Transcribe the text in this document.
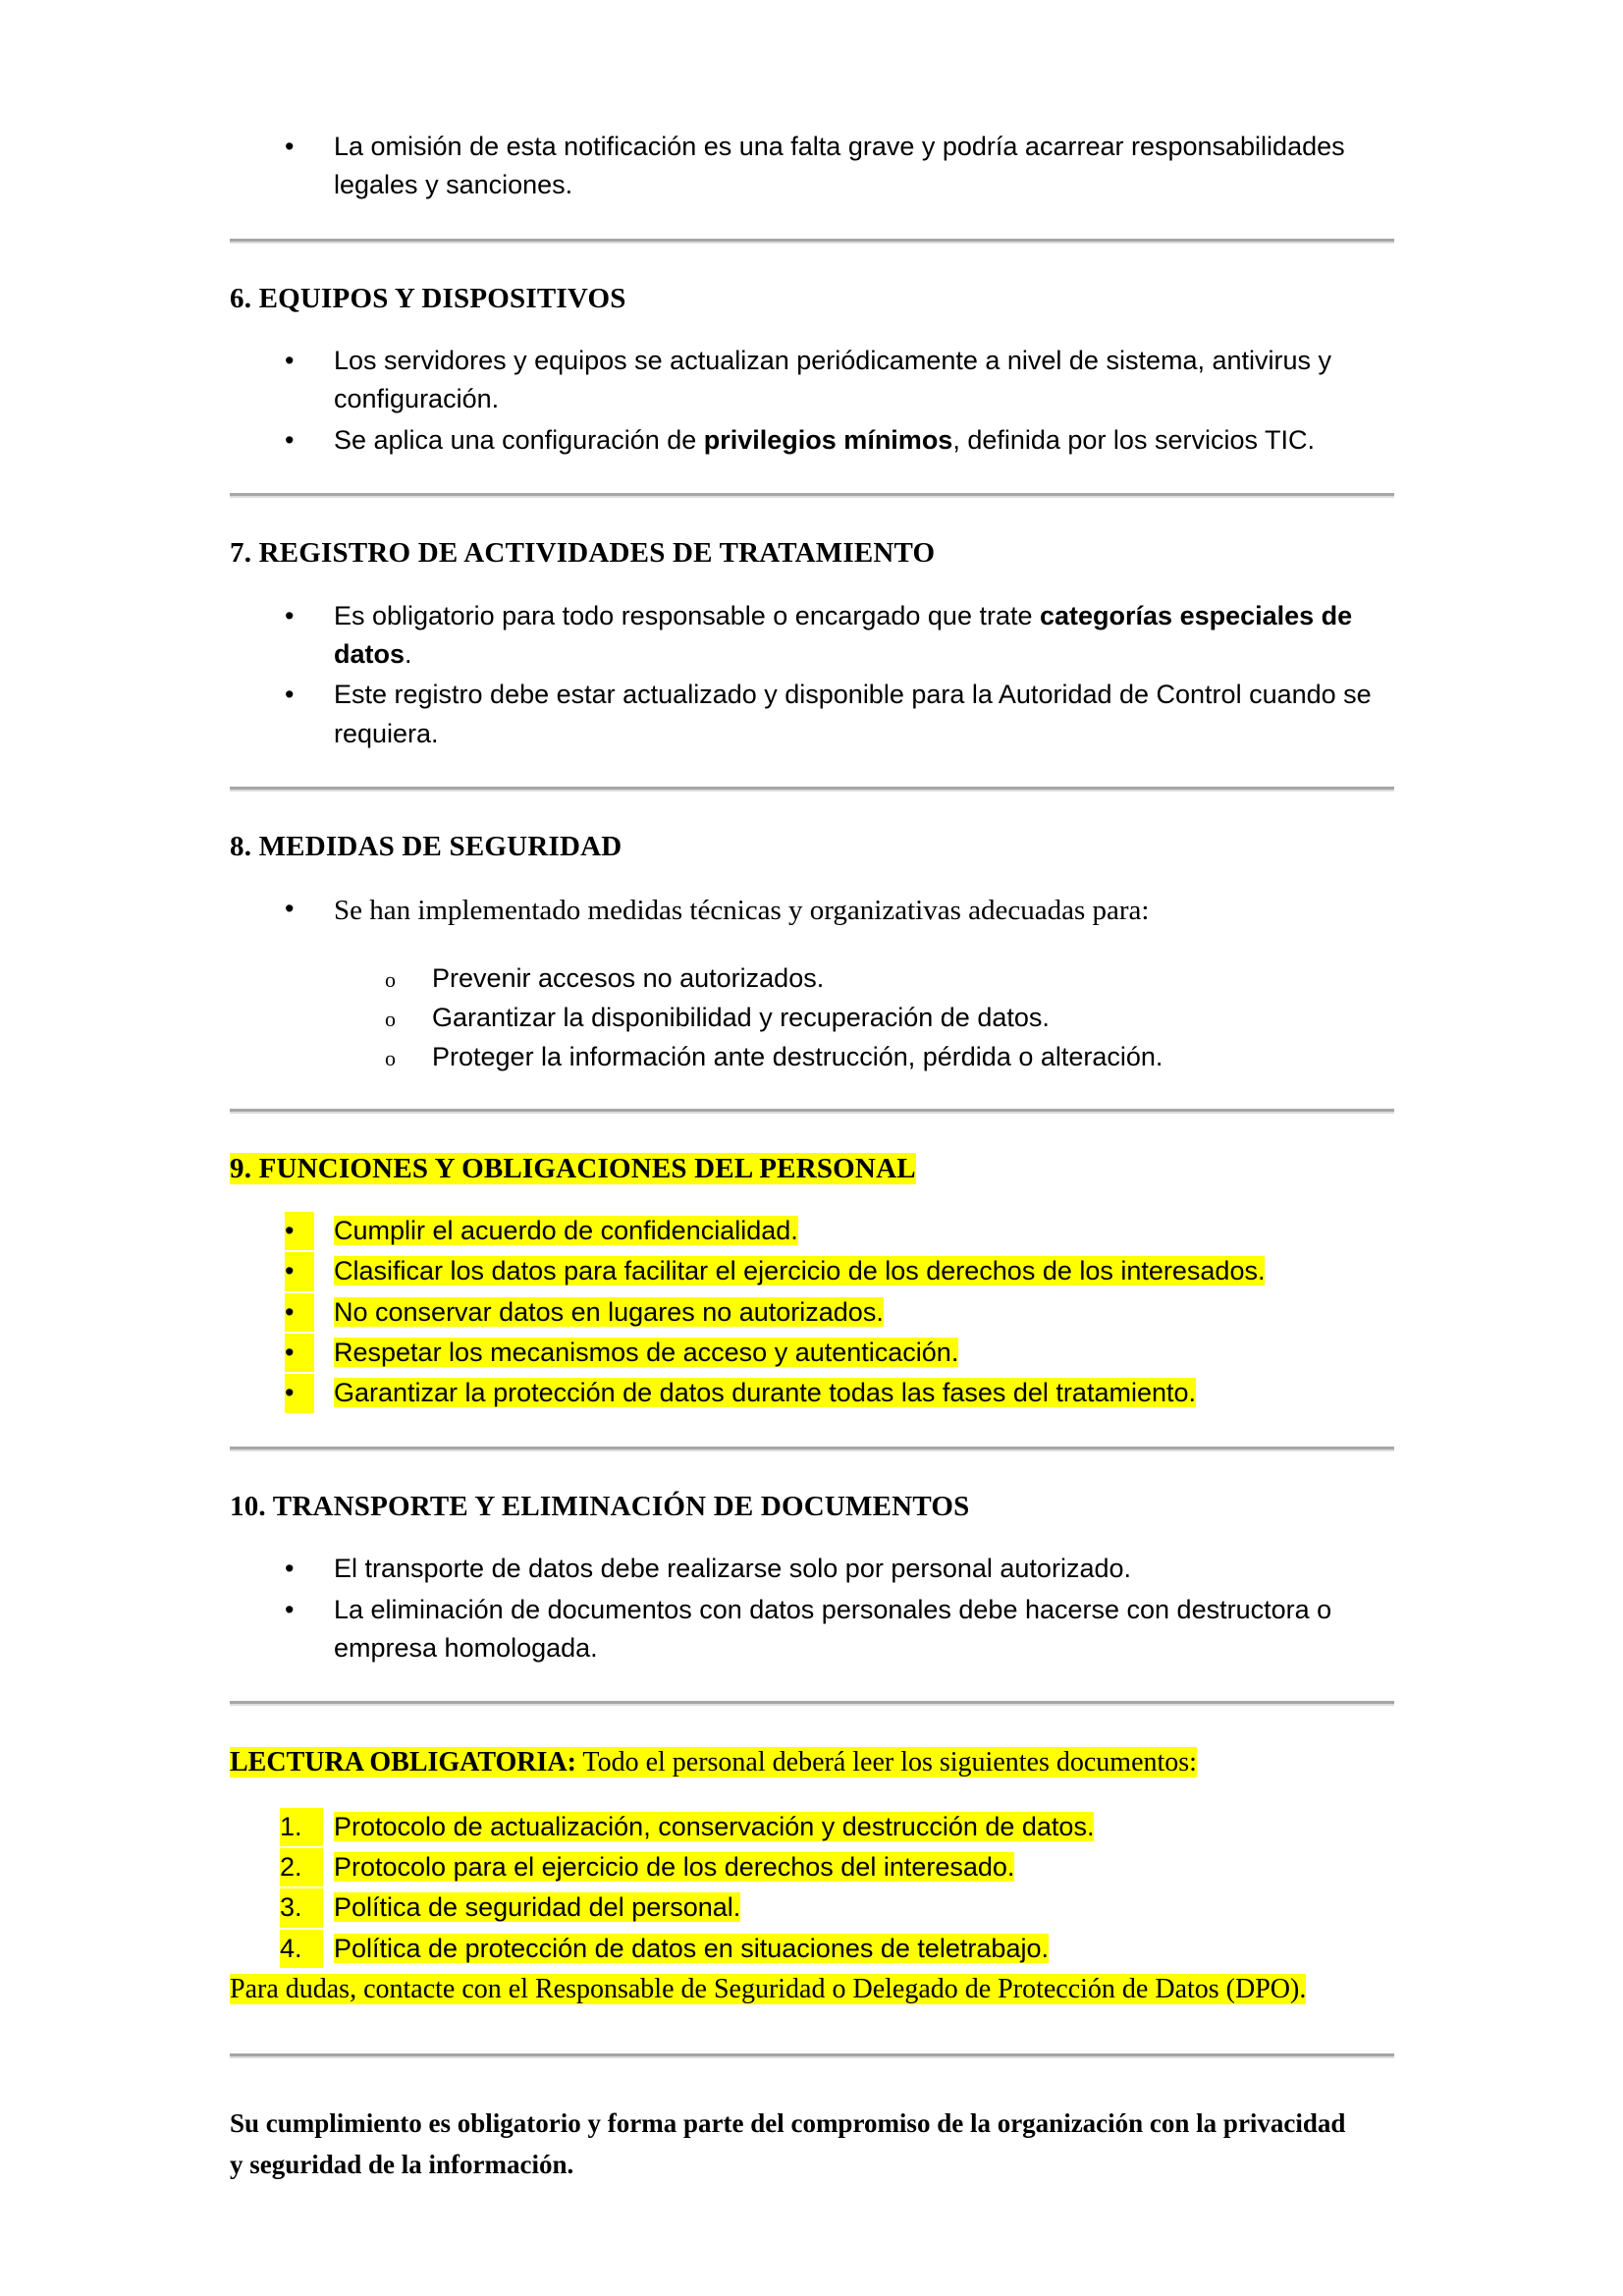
•	La omisión de esta notificación es una falta grave y podría acarrear responsabilidades legales y sanciones.
6. EQUIPOS Y DISPOSITIVOS
•	Los servidores y equipos se actualizan periódicamente a nivel de sistema, antivirus y configuración.
•	Se aplica una configuración de privilegios mínimos, definida por los servicios TIC.
7. REGISTRO DE ACTIVIDADES DE TRATAMIENTO
•	Es obligatorio para todo responsable o encargado que trate categorías especiales de datos.
•	Este registro debe estar actualizado y disponible para la Autoridad de Control cuando se requiera.
8. MEDIDAS DE SEGURIDAD
•	Se han implementado medidas técnicas y organizativas adecuadas para:
o Prevenir accesos no autorizados.
o Garantizar la disponibilidad y recuperación de datos.
o Proteger la información ante destrucción, pérdida o alteración.
9. FUNCIONES Y OBLIGACIONES DEL PERSONAL
•	Cumplir el acuerdo de confidencialidad.
•	Clasificar los datos para facilitar el ejercicio de los derechos de los interesados.
•	No conservar datos en lugares no autorizados.
•	Respetar los mecanismos de acceso y autenticación.
•	Garantizar la protección de datos durante todas las fases del tratamiento.
10. TRANSPORTE Y ELIMINACIÓN DE DOCUMENTOS
•	El transporte de datos debe realizarse solo por personal autorizado.
•	La eliminación de documentos con datos personales debe hacerse con destructora o empresa homologada.
LECTURA OBLIGATORIA: Todo el personal deberá leer los siguientes documentos:
1.	Protocolo de actualización, conservación y destrucción de datos.
2.	Protocolo para el ejercicio de los derechos del interesado.
3.	Política de seguridad del personal.
4.	Política de protección de datos en situaciones de teletrabajo.
Para dudas, contacte con el Responsable de Seguridad o Delegado de Protección de Datos (DPO).

Su cumplimiento es obligatorio y forma parte del compromiso de la organización con la privacidad y seguridad de la información.
